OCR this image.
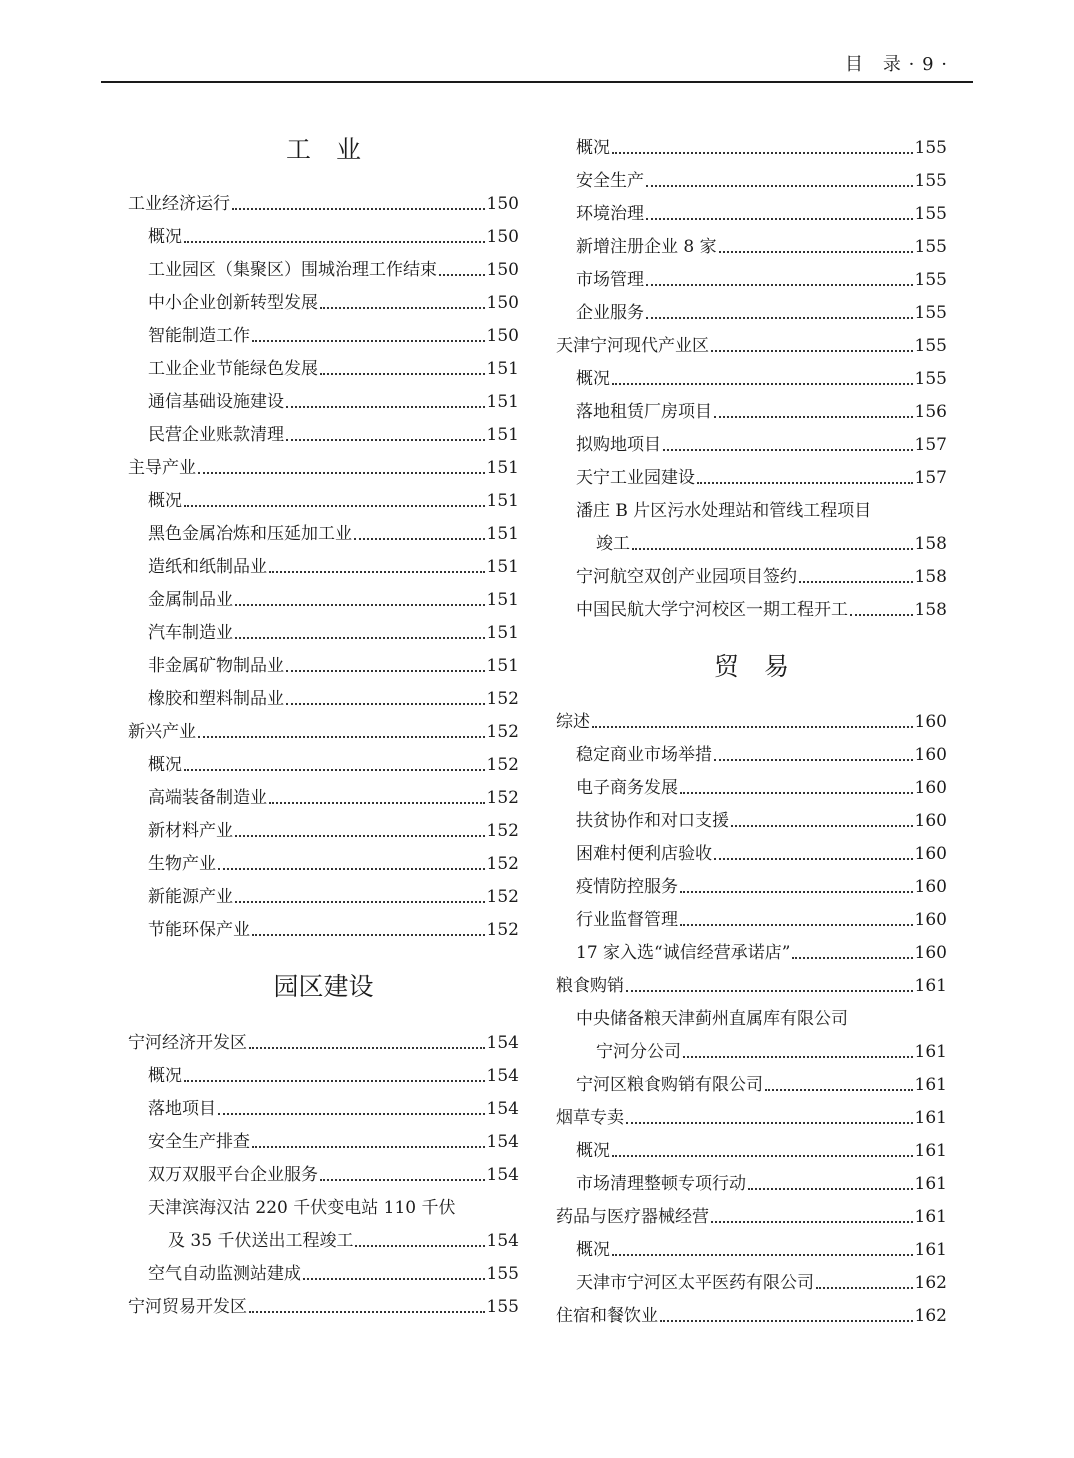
目　录 · 9 ·
工　业
工业经济运行	150
概况	150
工业园区（集聚区）围城治理工作结束	150
中小企业创新转型发展	150
智能制造工作	150
工业企业节能绿色发展	151
通信基础设施建设	151
民营企业账款清理	151
主导产业	151
概况	151
黑色金属冶炼和压延加工业	151
造纸和纸制品业	151
金属制品业	151
汽车制造业	151
非金属矿物制品业	151
橡胶和塑料制品业	152
新兴产业	152
概况	152
高端装备制造业	152
新材料产业	152
生物产业	152
新能源产业	152
节能环保产业	152
园区建设
宁河经济开发区	154
概况	154
落地项目	154
安全生产排查	154
双万双服平台企业服务	154
天津滨海汉沽 220 千伏变电站 110 千伏
及 35 千伏送出工程竣工	154
空气自动监测站建成	155
宁河贸易开发区	155
概况	155
安全生产	155
环境治理	155
新增注册企业 8 家	155
市场管理	155
企业服务	155
天津宁河现代产业区	155
概况	155
落地租赁厂房项目	156
拟购地项目	157
天宁工业园建设	157
潘庄 B 片区污水处理站和管线工程项目
竣工	158
宁河航空双创产业园项目签约	158
中国民航大学宁河校区一期工程开工	158
贸　易
综述	160
稳定商业市场举措	160
电子商务发展	160
扶贫协作和对口支援	160
困难村便利店验收	160
疫情防控服务	160
行业监督管理	160
17 家入选“诚信经营承诺店”	160
粮食购销	161
中央储备粮天津蓟州直属库有限公司
宁河分公司	161
宁河区粮食购销有限公司	161
烟草专卖	161
概况	161
市场清理整顿专项行动	161
药品与医疗器械经营	161
概况	161
天津市宁河区太平医药有限公司	162
住宿和餐饮业	162
